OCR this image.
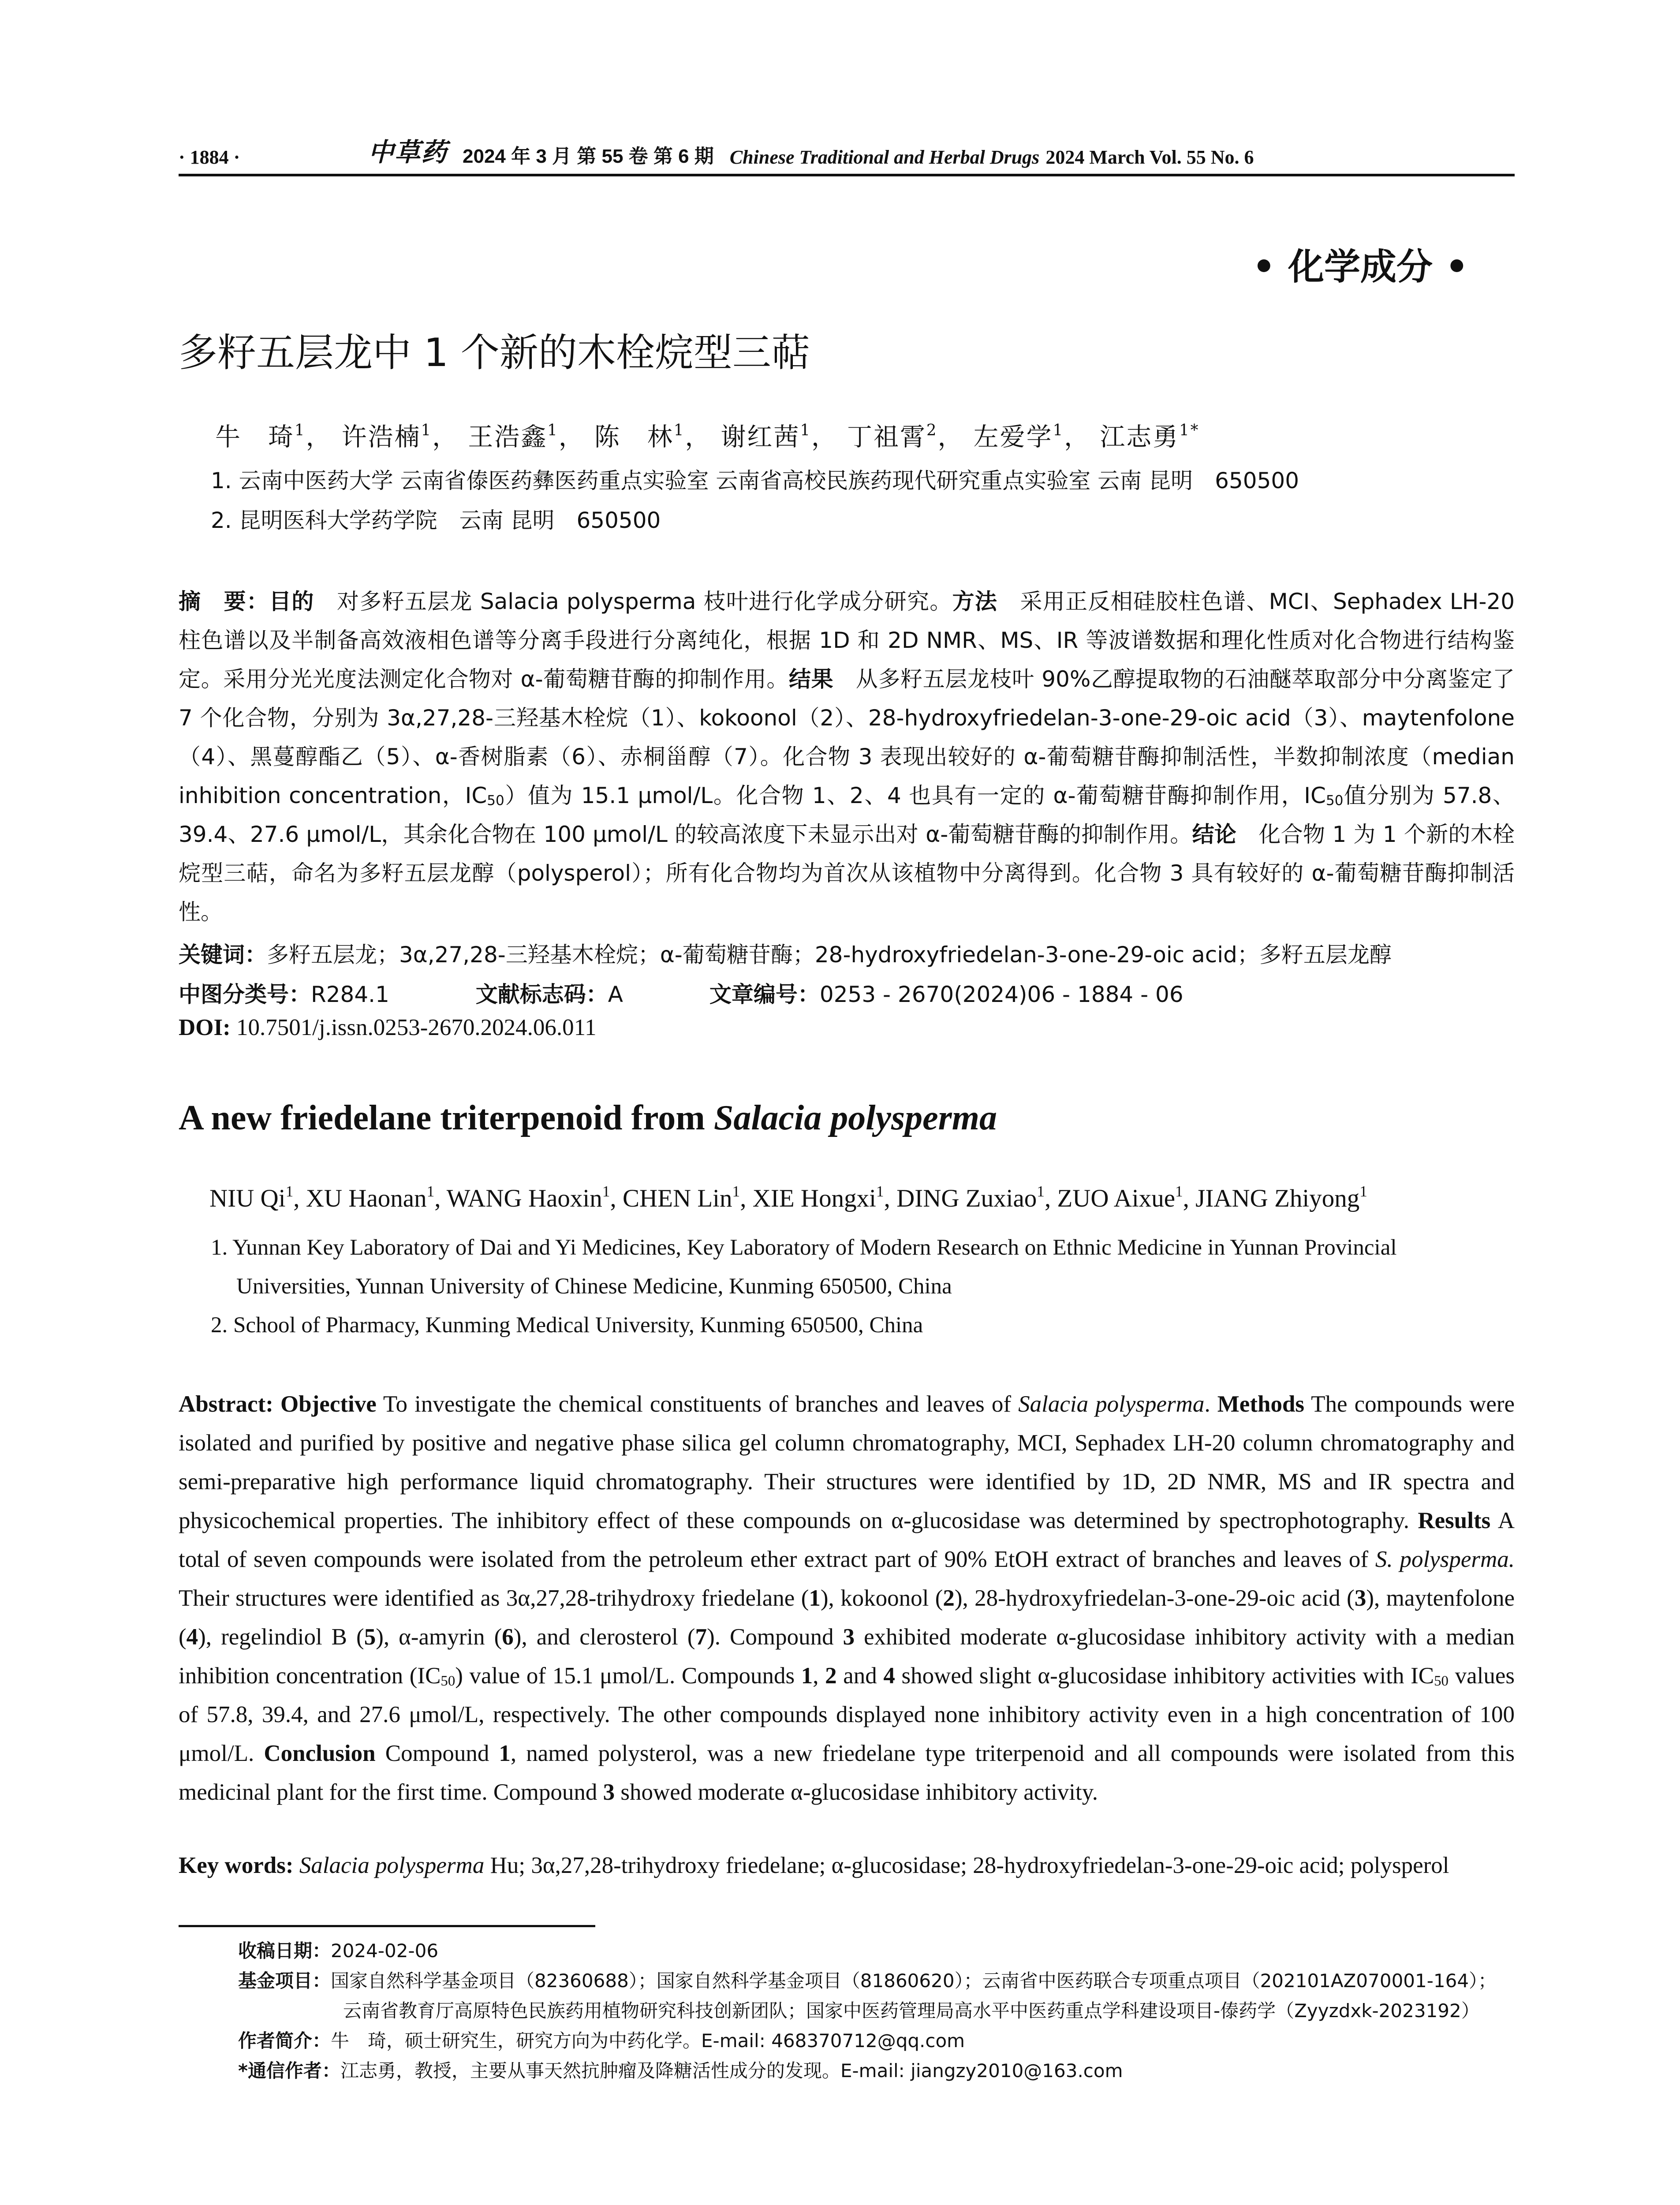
· 1884 ·	中草药 2024 年 3 月 第 55 卷 第 6 期 Chinese Traditional and Herbal Drugs 2024 March Vol. 55 No. 6
• 化学成分 •
多籽五层龙中 1 个新的木栓烷型三萜
牛　琦$^1$， 许浩楠$^1$， 王浩鑫$^1$， 陈　林$^1$， 谢红茜$^1$， 丁祖霄$^2$， 左爱学$^1$， 江志勇$^{1*}$
1. 云南中医药大学 云南省傣医药彝医药重点实验室 云南省高校民族药现代研究重点实验室 云南 昆明　650500
2. 昆明医科大学药学院　云南 昆明　650500
摘　要：目的　对多籽五层龙 Salacia polysperma 枝叶进行化学成分研究。方法　采用正反相硅胶柱色谱、MCI、Sephadex LH-20 柱色谱以及半制备高效液相色谱等分离手段进行分离纯化，根据 1D 和 2D NMR、MS、IR 等波谱数据和理化性质对化合物进行结构鉴定。采用分光光度法测定化合物对 α-葡萄糖苷酶的抑制作用。结果　从多籽五层龙枝叶 90%乙醇提取物的石油醚萃取部分中分离鉴定了 7 个化合物，分别为 3α,27,28-三羟基木栓烷（1）、kokoonol（2）、28-hydroxyfriedelan-3-one-29-oic acid（3）、maytenfolone（4）、黑蔓醇酯乙（5）、α-香树脂素（6）、赤桐甾醇（7）。化合物 3 表现出较好的 α-葡萄糖苷酶抑制活性，半数抑制浓度（median inhibition concentration，$IC_{50}$）值为 15.1 μmol/L。化合物 1、2、4 也具有一定的 α-葡萄糖苷酶抑制作用，$IC_{50}$值分别为 57.8、39.4、27.6 μmol/L，其余化合物在 100 μmol/L 的较高浓度下未显示出对 α-葡萄糖苷酶的抑制作用。结论　化合物 1 为 1 个新的木栓烷型三萜，命名为多籽五层龙醇（polysperol）；所有化合物均为首次从该植物中分离得到。化合物 3 具有较好的 α-葡萄糖苷酶抑制活性。
关键词：多籽五层龙；3α,27,28-三羟基木栓烷；α-葡萄糖苷酶；28-hydroxyfriedelan-3-one-29-oic acid；多籽五层龙醇
中图分类号：R284.1	文献标志码：A	文章编号：0253 - 2670(2024)06 - 1884 - 06
DOI: 10.7501/j.issn.0253-2670.2024.06.011
A new friedelane triterpenoid from Salacia polysperma
NIU Qi$^1$, XU Haonan$^1$, WANG Haoxin$^1$, CHEN Lin$^1$, XIE Hongxi$^1$, DING Zuxiao$^1$, ZUO Aixue$^1$, JIANG Zhiyong$^1$
1. Yunnan Key Laboratory of Dai and Yi Medicines, Key Laboratory of Modern Research on Ethnic Medicine in Yunnan Provincial
Universities, Yunnan University of Chinese Medicine, Kunming 650500, China
2. School of Pharmacy, Kunming Medical University, Kunming 650500, China
Abstract: Objective To investigate the chemical constituents of branches and leaves of Salacia polysperma. Methods The compounds were isolated and purified by positive and negative phase silica gel column chromatography, MCI, Sephadex LH-20 column chromatography and semi-preparative high performance liquid chromatography. Their structures were identified by 1D, 2D NMR, MS and IR spectra and physicochemical properties. The inhibitory effect of these compounds on α-glucosidase was determined by spectrophotography. Results A total of seven compounds were isolated from the petroleum ether extract part of 90% EtOH extract of branches and leaves of S. polysperma. Their structures were identified as 3α,27,28-trihydroxy friedelane (1), kokoonol (2), 28-hydroxyfriedelan-3-one-29-oic acid (3), maytenfolone (4), regelindiol B (5), α-amyrin (6), and clerosterol (7). Compound 3 exhibited moderate α-glucosidase inhibitory activity with a median inhibition concentration $(IC_{50})$ value of 15.1 μmol/L. Compounds 1, 2 and 4 showed slight α-glucosidase inhibitory activities with $IC_{50}$ values of 57.8, 39.4, and 27.6 μmol/L, respectively. The other compounds displayed none inhibitory activity even in a high concentration of 100 μmol/L. Conclusion Compound 1, named polysterol, was a new friedelane type triterpenoid and all compounds were isolated from this medicinal plant for the first time. Compound 3 showed moderate α-glucosidase inhibitory activity.
Key words: Salacia polysperma Hu; 3α,27,28-trihydroxy friedelane; α-glucosidase; 28-hydroxyfriedelan-3-one-29-oic acid; polysperol
收稿日期：2024-02-06
基金项目：国家自然科学基金项目（82360688）；国家自然科学基金项目（81860620）；云南省中医药联合专项重点项目（202101AZ070001-164）；
云南省教育厅高原特色民族药用植物研究科技创新团队；国家中医药管理局高水平中医药重点学科建设项目-傣药学（Zyyzdxk-2023192）
作者简介：牛　琦，硕士研究生，研究方向为中药化学。E-mail: 468370712@qq.com
*通信作者：江志勇，教授，主要从事天然抗肿瘤及降糖活性成分的发现。E-mail: jiangzy2010@163.com
